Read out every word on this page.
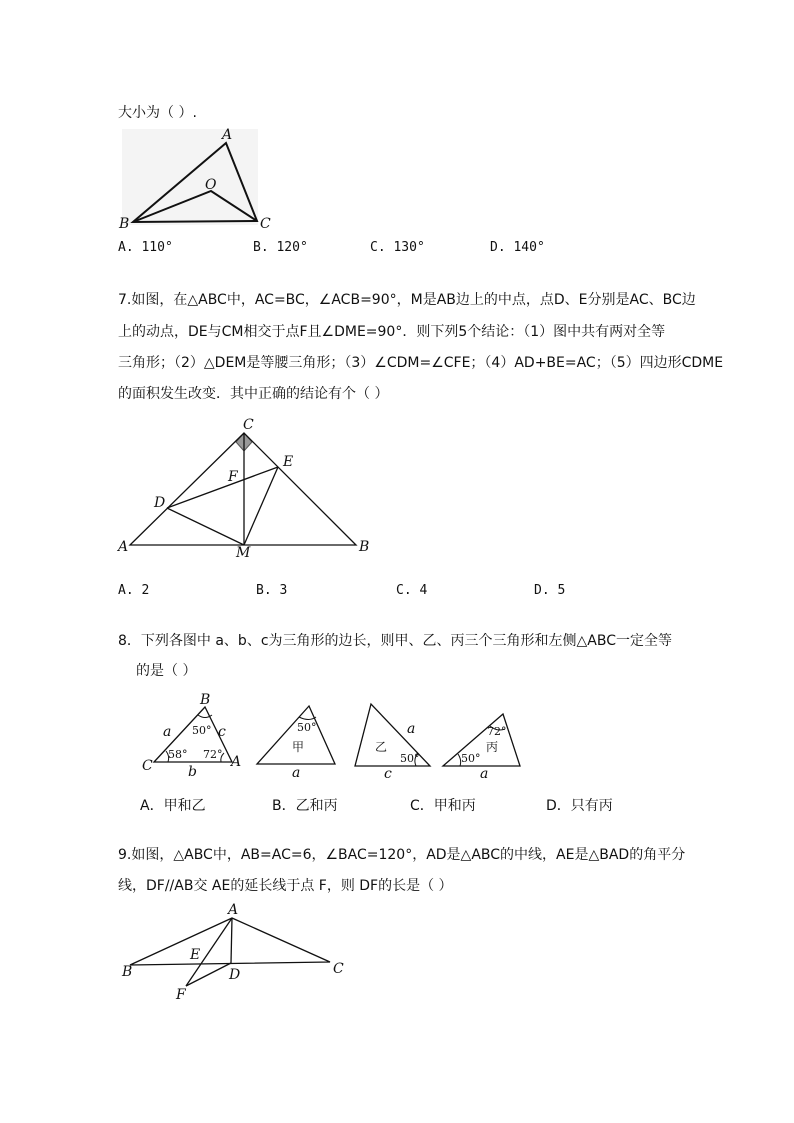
大小为（ ）.
A
B	C
O
A. 110°	B. 120°	C. 130°	D. 140°
7.如图，在△ABC中，AC=BC，∠ACB=90°，M是AB边上的中点，点D、E分别是AC、BC边
上的动点，DE与CM相交于点F且∠DME=90°．则下列5个结论：（1）图中共有两对全等
三角形；（2）△DEM是等腰三角形；（3）∠CDM=∠CFE；（4）AD+BE=AC；（5）四边形CDME
的面积发生改变．其中正确的结论有个（ ）
C
E
F
D
A	M	B
A. 2	B. 3	C. 4	D. 5
8．下列各图中 a、b、c为三角形的边长，则甲、乙、丙三个三角形和左侧△ABC一定全等
的是（ ）
B
C	A
a	c
b
50°
58° 72°
50°
甲
a
乙
a
50°
c
72°
丙
50°
a
A．甲和乙	B．乙和丙	C．甲和丙	D．只有丙
9.如图，△ABC中，AB=AC=6，∠BAC=120°，AD是△ABC的中线，AE是△BAD的角平分
线，DF//AB交 AE的延长线于点 F，则 DF的长是（ ）
A
E
B	D	C
F
